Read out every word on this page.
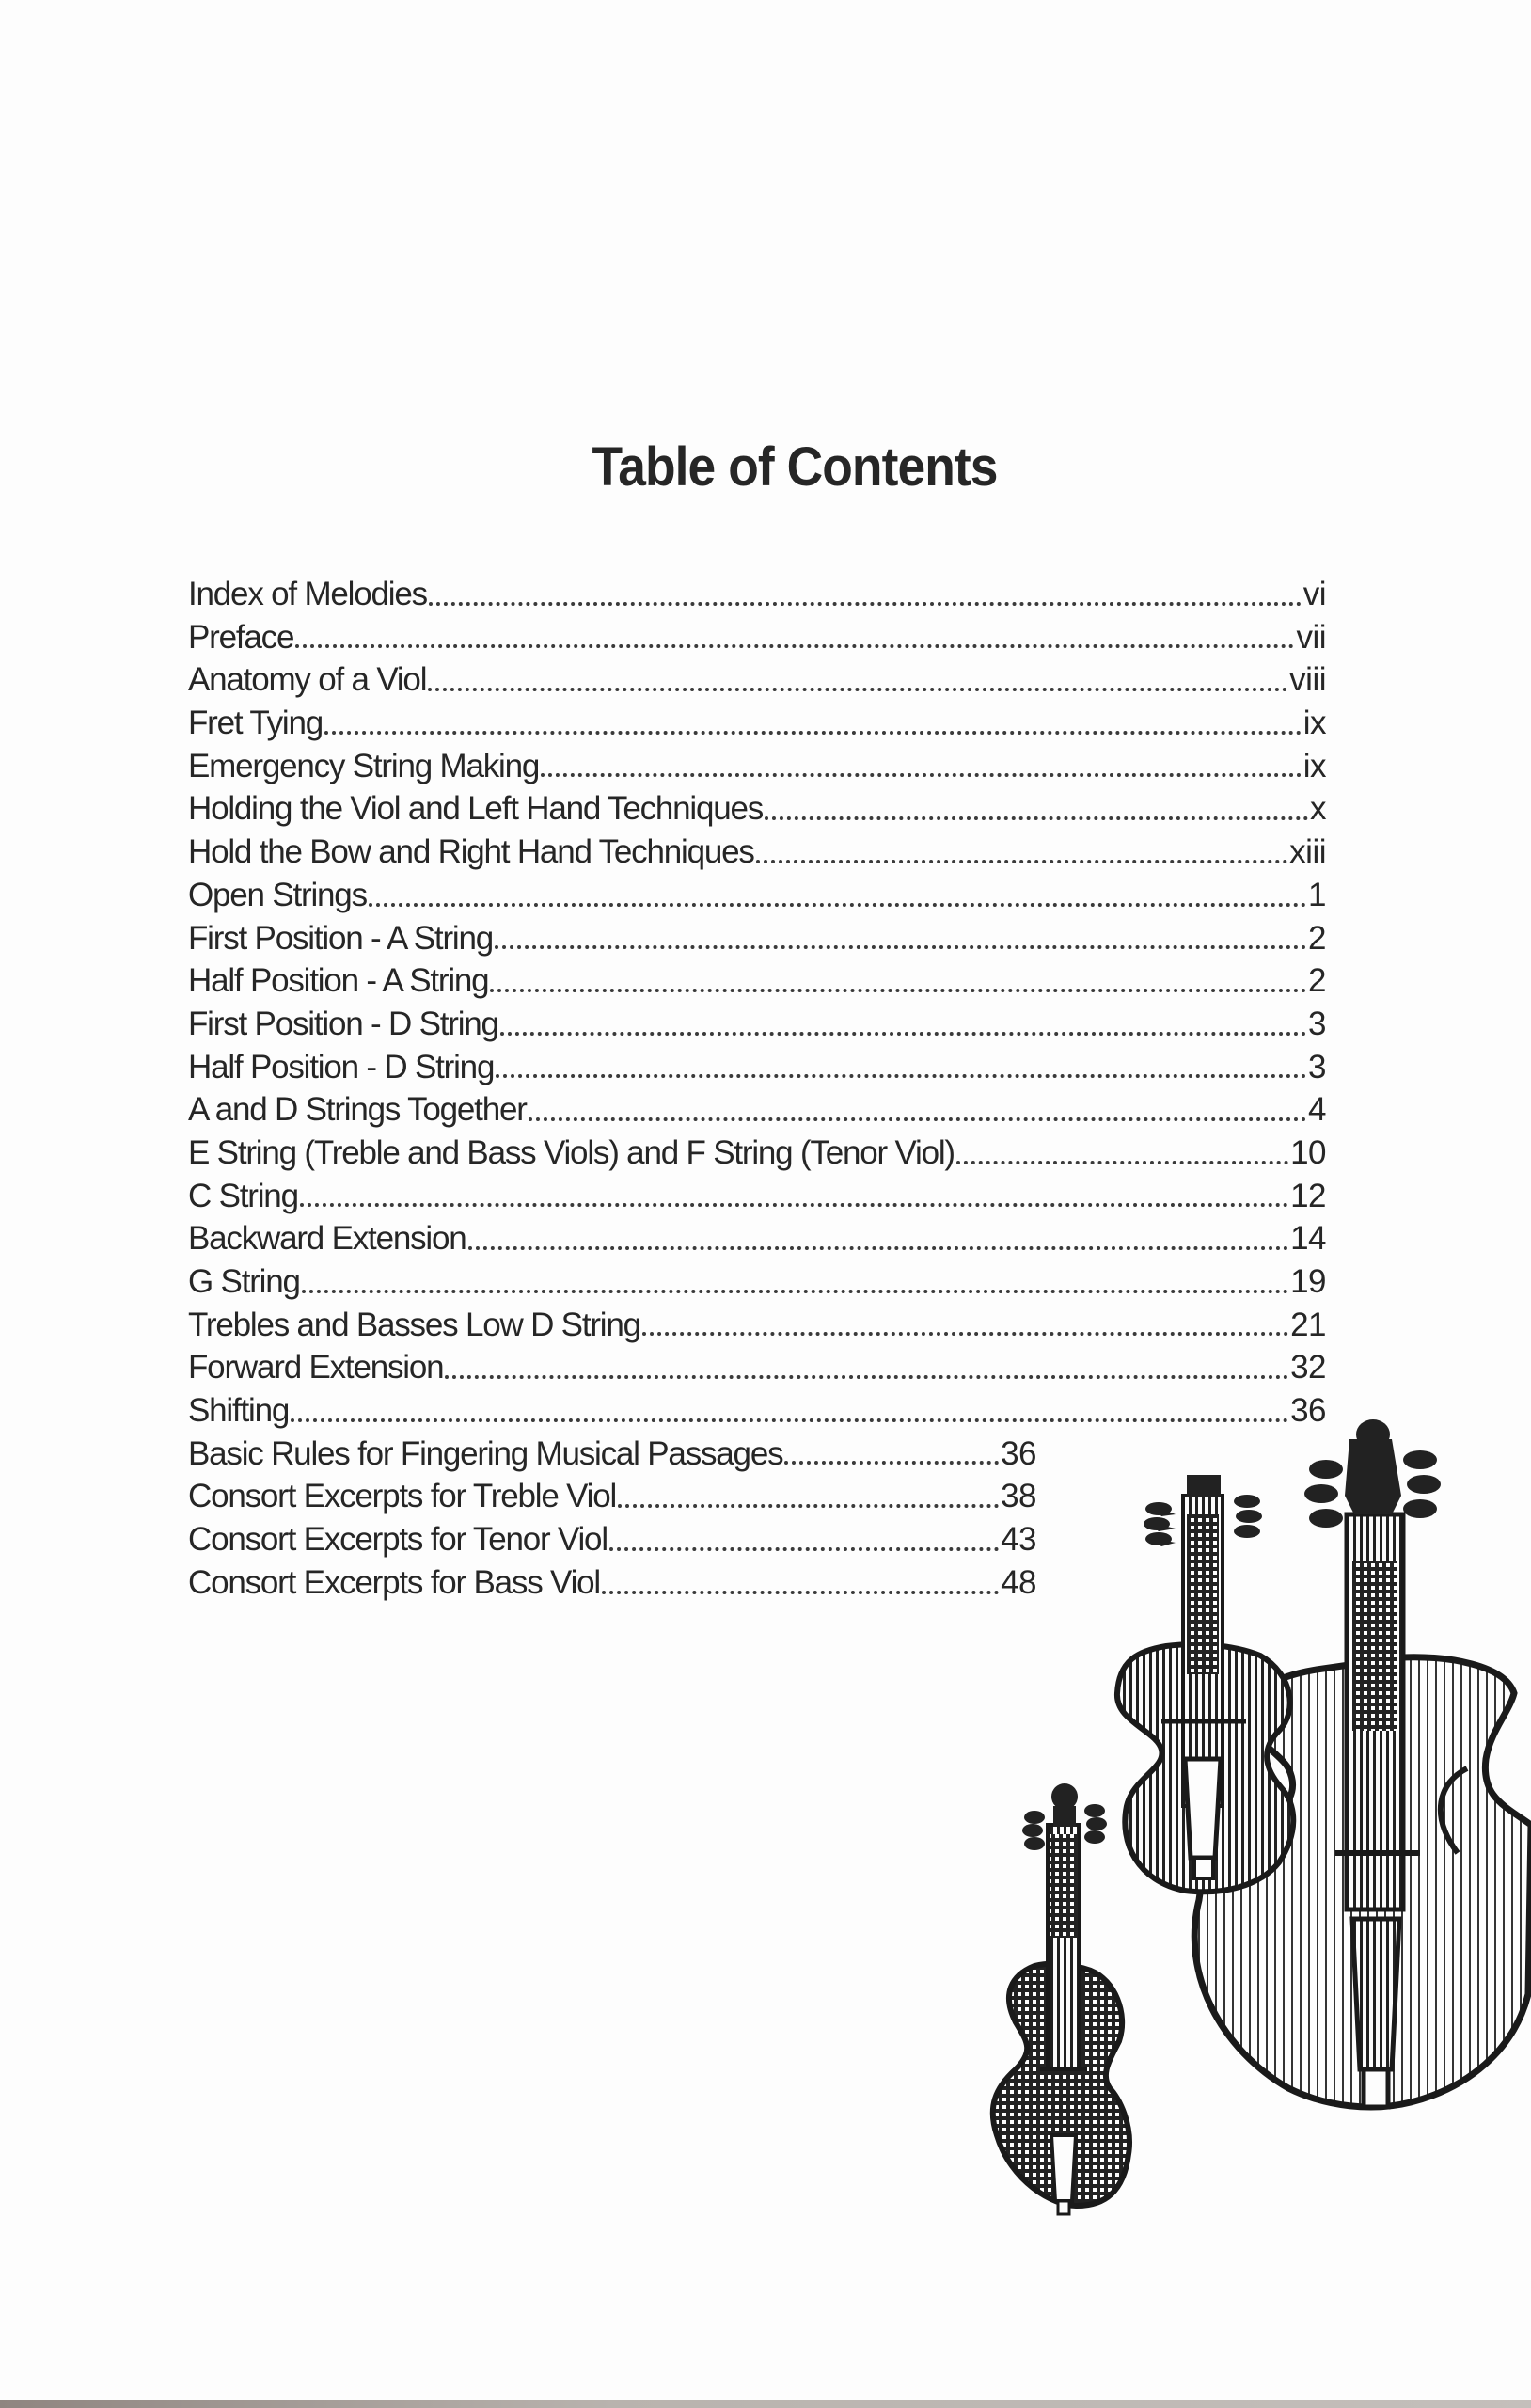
Table of Contents
Index of Melodies	vi
Preface	vii
Anatomy of a Viol	viii
Fret Tying	ix
Emergency String Making	ix
Holding the Viol and Left Hand Techniques	x
Hold the Bow and Right Hand Techniques	xiii
Open Strings	1
First Position - A String	2
Half Position - A String	2
First Position - D String	3
Half Position - D String	3
A and D Strings Together	4
E String (Treble and Bass Viols) and F String (Tenor Viol)	10
C String	12
Backward Extension	14
G String	19
Trebles and Basses Low D String	21
Forward Extension	32
Shifting	36
Basic Rules for Fingering Musical Passages	36
Consort Excerpts for Treble Viol	38
Consort Excerpts for Tenor Viol	43
Consort Excerpts for Bass Viol	48
